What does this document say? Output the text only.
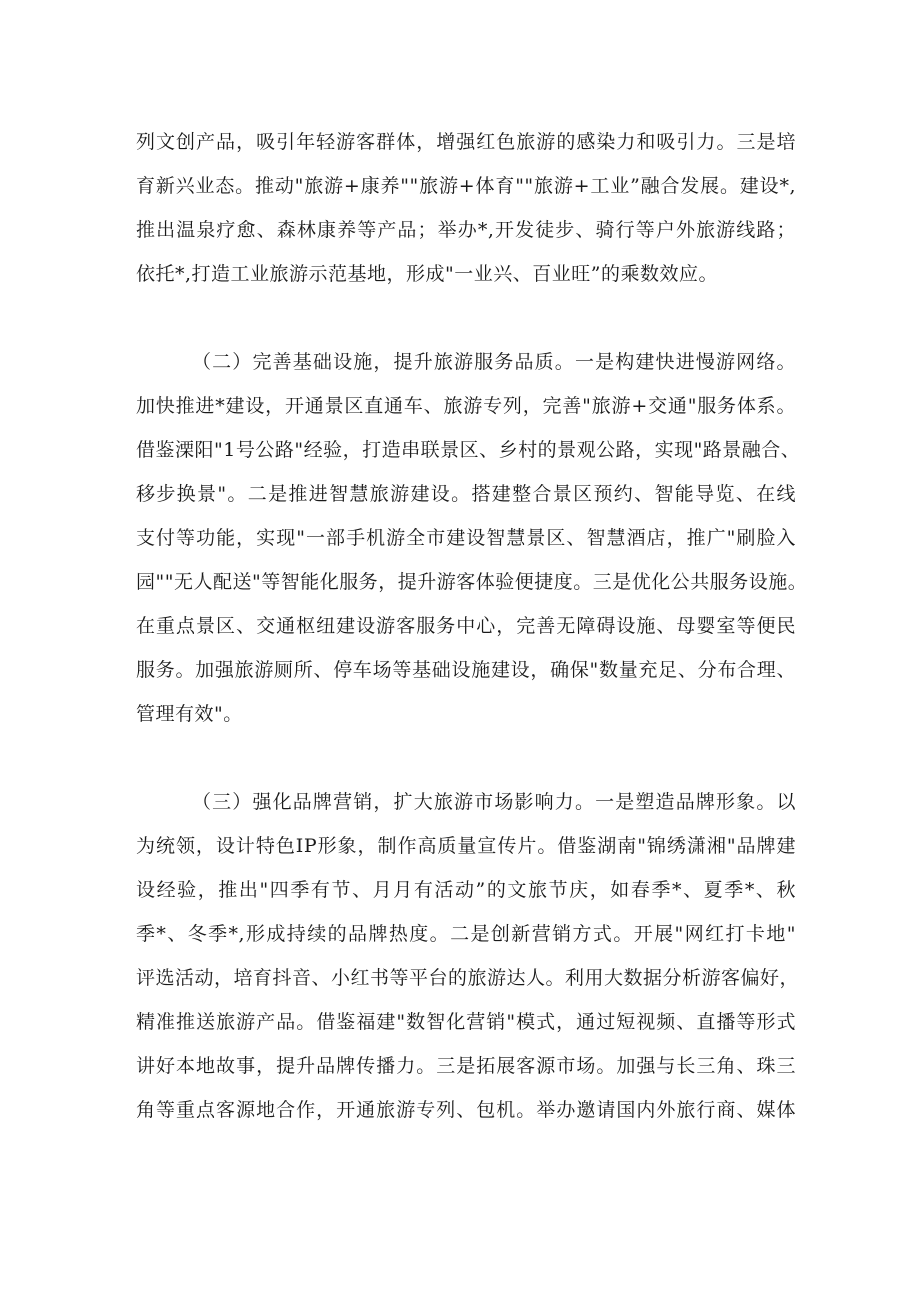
列文创产品，吸引年轻游客群体，增强红色旅游的感染力和吸引力。三是培
育新兴业态。推动"旅游+康养""旅游+体育""旅游+工业”融合发展。建设*,
推出温泉疗愈、森林康养等产品；举办*,开发徒步、骑行等户外旅游线路；
依托*,打造工业旅游示范基地，形成"一业兴、百业旺”的乘数效应。
（二）完善基础设施，提升旅游服务品质。一是构建快进慢游网络。
加快推进*建设，开通景区直通车、旅游专列，完善"旅游+交通"服务体系。
借鉴溧阳"1号公路"经验，打造串联景区、乡村的景观公路，实现"路景融合、
移步换景"。二是推进智慧旅游建设。搭建整合景区预约、智能导览、在线
支付等功能，实现"一部手机游全市建设智慧景区、智慧酒店，推广"刷脸入
园""无人配送"等智能化服务，提升游客体验便捷度。三是优化公共服务设施。
在重点景区、交通枢纽建设游客服务中心，完善无障碍设施、母婴室等便民
服务。加强旅游厕所、停车场等基础设施建设，确保"数量充足、分布合理、
管理有效"。
（三）强化品牌营销，扩大旅游市场影响力。一是塑造品牌形象。以
为统领，设计特色IP形象，制作高质量宣传片。借鉴湖南"锦绣潇湘"品牌建
设经验，推出"四季有节、月月有活动”的文旅节庆，如春季*、夏季*、秋
季*、冬季*,形成持续的品牌热度。二是创新营销方式。开展"网红打卡地"
评选活动，培育抖音、小红书等平台的旅游达人。利用大数据分析游客偏好，
精准推送旅游产品。借鉴福建"数智化营销"模式，通过短视频、直播等形式
讲好本地故事，提升品牌传播力。三是拓展客源市场。加强与长三角、珠三
角等重点客源地合作，开通旅游专列、包机。举办邀请国内外旅行商、媒体
